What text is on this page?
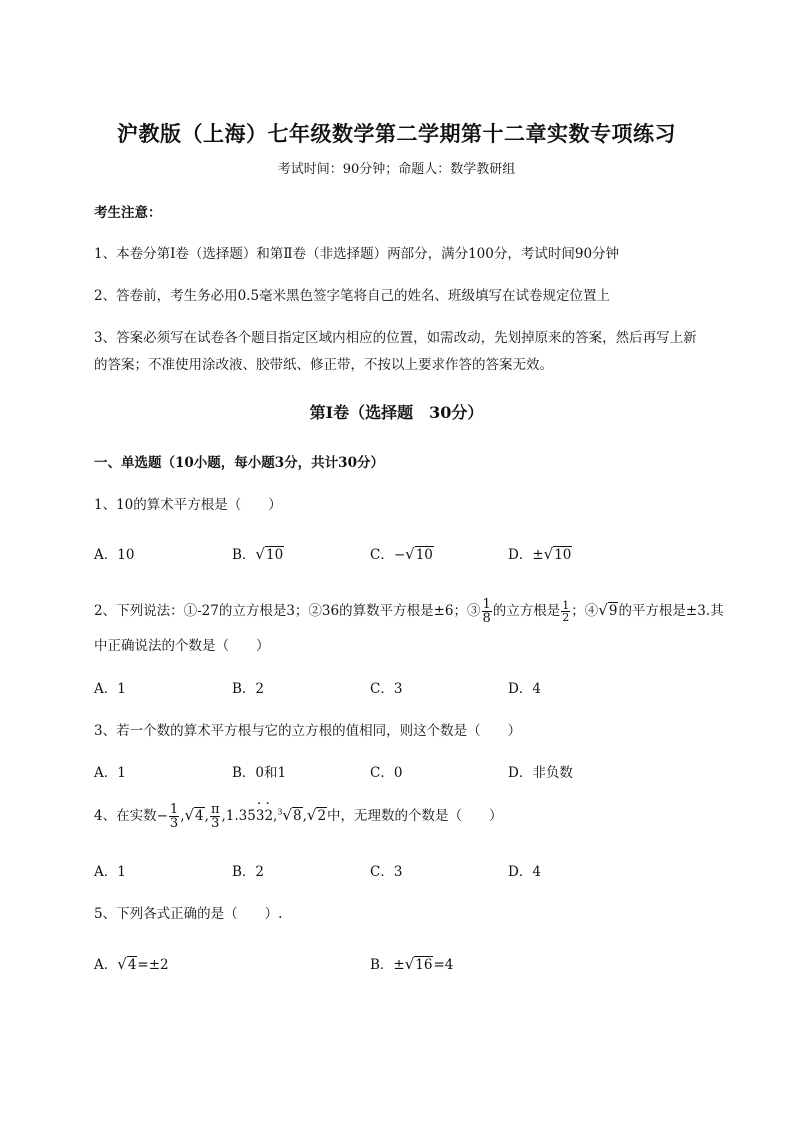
沪教版（上海）七年级数学第二学期第十二章实数专项练习
考试时间：90分钟；命题人：数学教研组
考生注意：
1、本卷分第Ⅰ卷（选择题）和第Ⅱ卷（非选择题）两部分，满分100分，考试时间90分钟
2、答卷前，考生务必用0.5毫米黑色签字笔将自己的姓名、班级填写在试卷规定位置上
3、答案必须写在试卷各个题目指定区域内相应的位置，如需改动，先划掉原来的答案，然后再写上新
的答案；不准使用涂改液、胶带纸、修正带，不按以上要求作答的答案无效。
第Ⅰ卷（选择题　30分）
一、单选题（10小题，每小题3分，共计30分）
1、10的算术平方根是（　　）
A．10	B．√10	C．−√10	D．±√10
2、下列说法：①-27的立方根是3；②36的算数平方根是±6；③ $\frac{1}{8}$ 的立方根是 $\frac{1}{2}$ ；④√9的平方根是±3.其
中正确说法的个数是（　　）
A．1	B．2	C．3	D．4
3、若一个数的算术平方根与它的立方根的值相同，则这个数是（　　）
A．1	B．0和1	C．0	D．非负数
4、在实数− $\frac{1}{3} ,√4$, $\frac{\pi}{3} ,1.35\cdot 3\cdot 2,^3√8,√2$中，无理数的个数是（　　）
A．1	B．2	C．3	D．4
5、下列各式正确的是（　　）.
A．√4=±2	B．±√16=4
